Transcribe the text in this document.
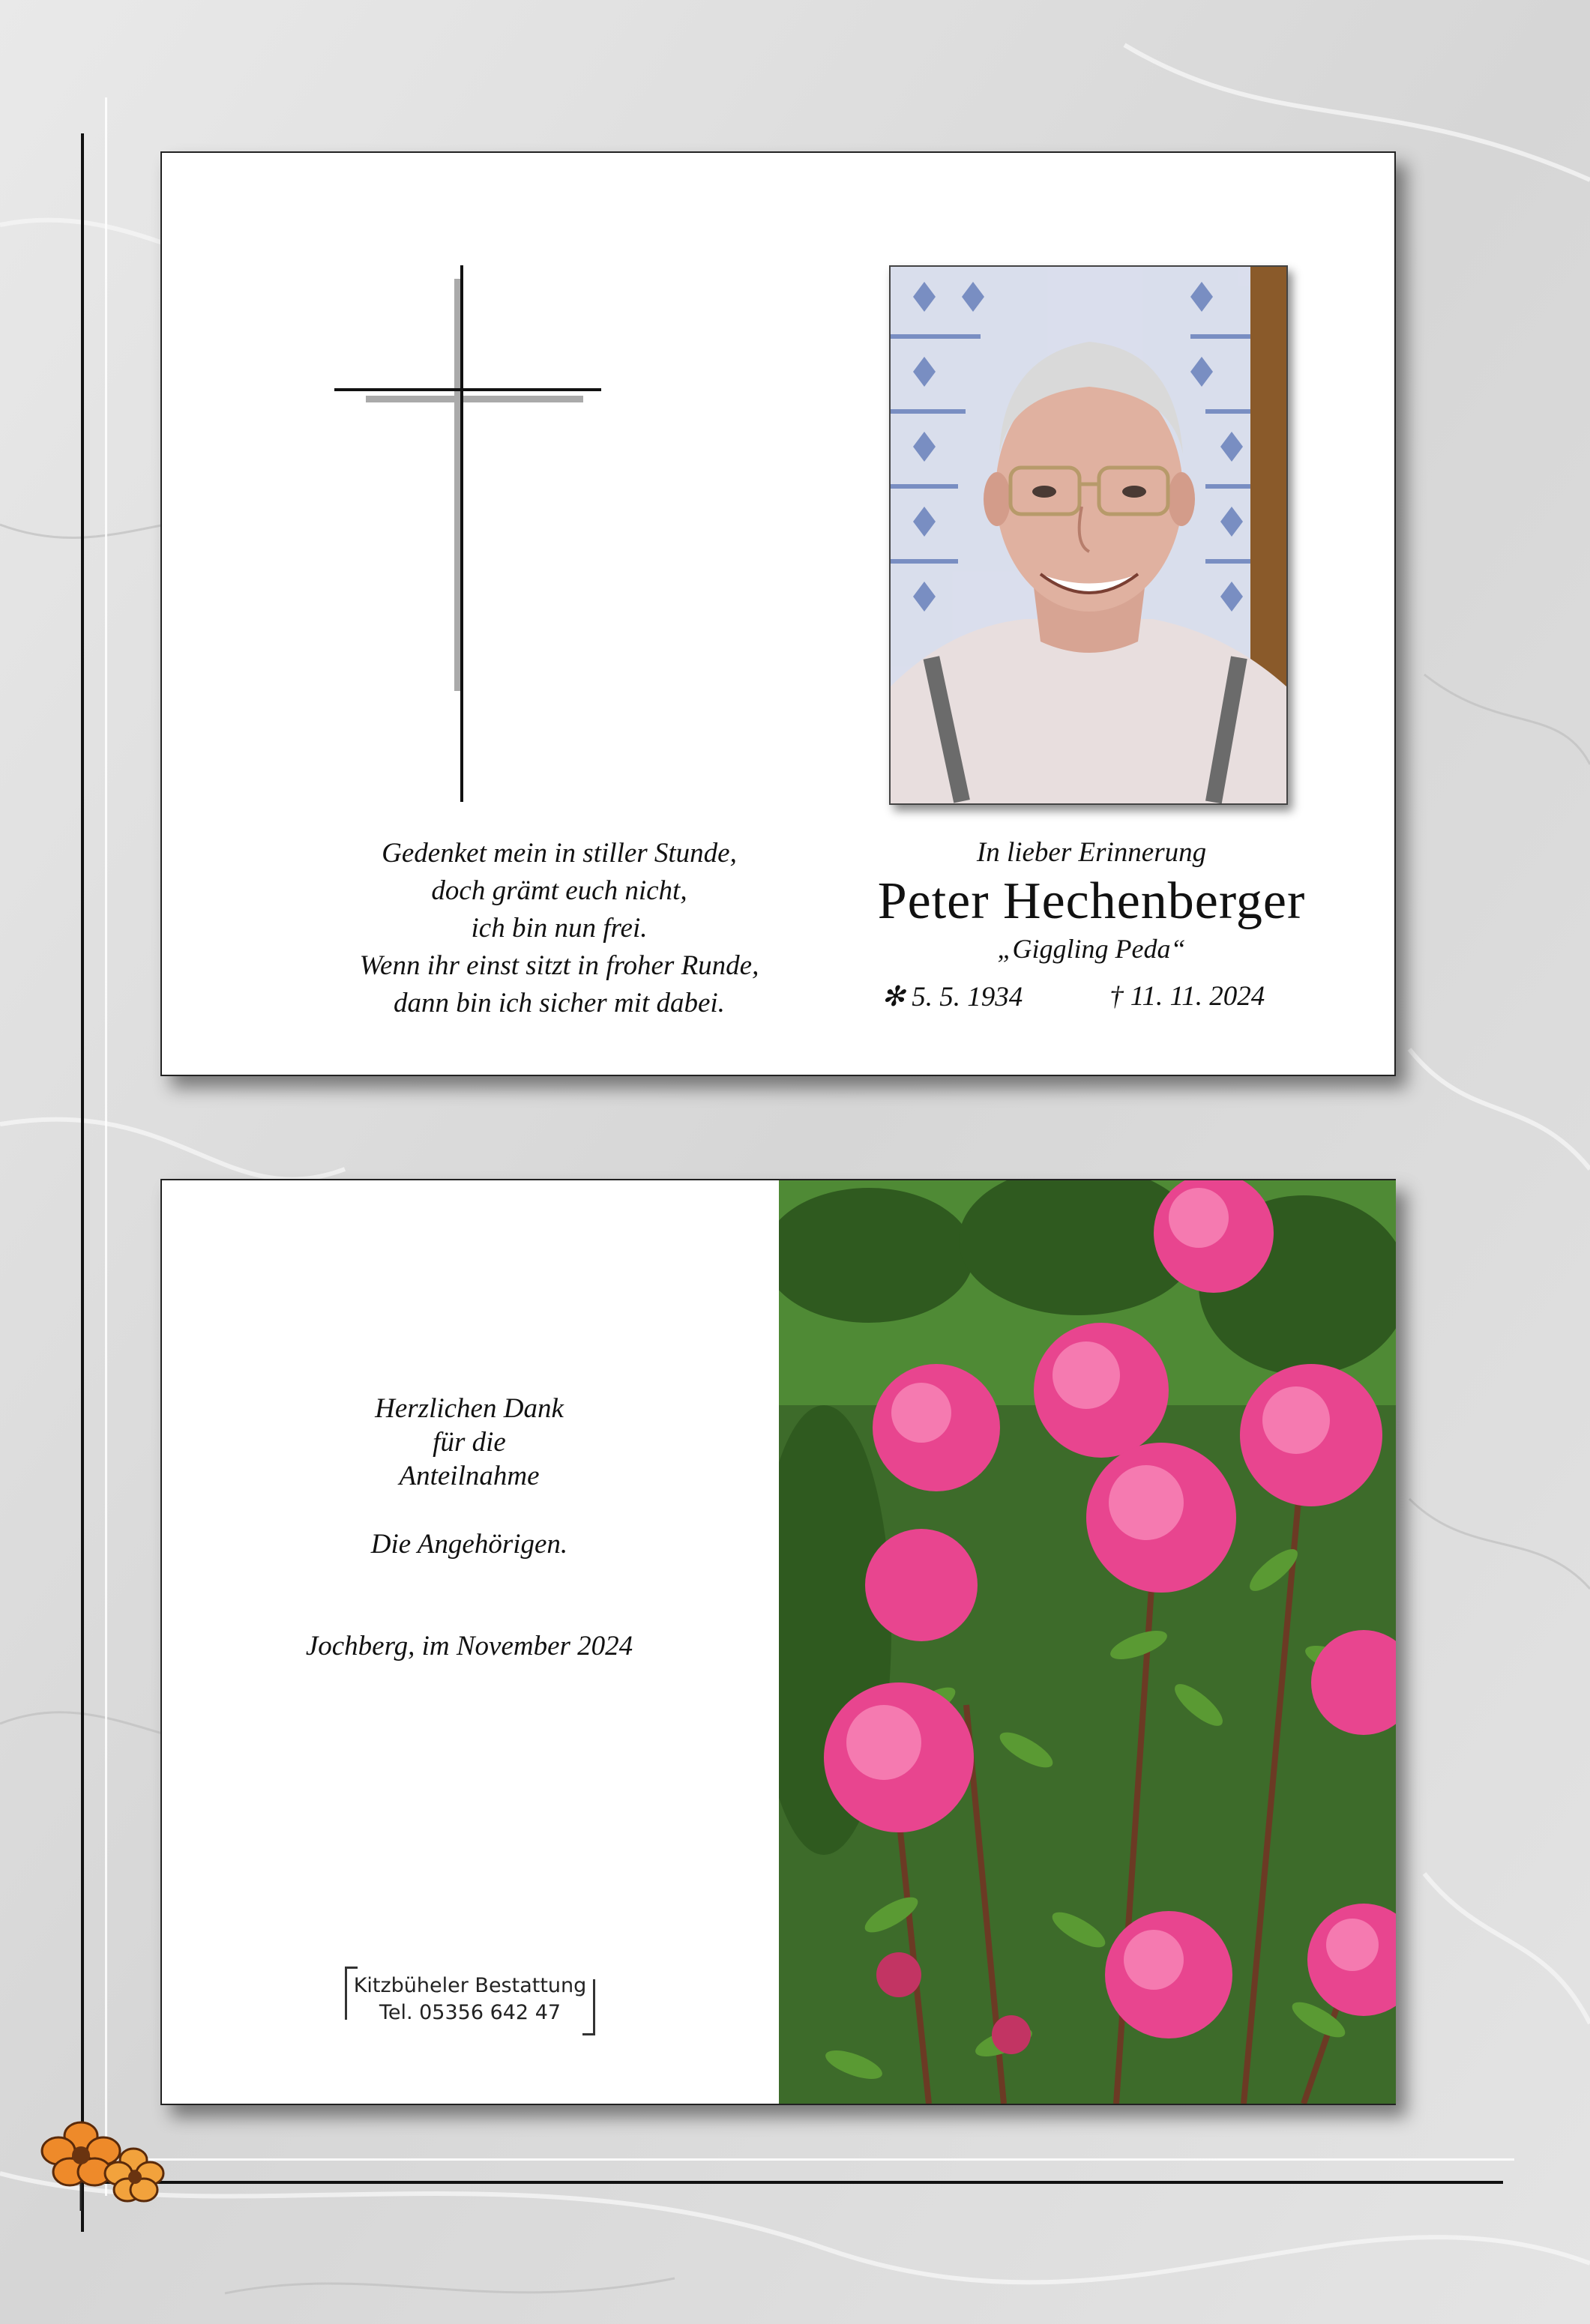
Gedenket mein in stiller Stunde,
doch grämt euch nicht,
ich bin nun frei.
Wenn ihr einst sitzt in froher Runde,
dann bin ich sicher mit dabei.
In lieber Erinnerung
Peter Hechenberger
„Giggling Peda“
✻ 5. 5. 1934	† 11. 11. 2024
Herzlichen Dank
für die
Anteilnahme
Die Angehörigen.
Jochberg, im November 2024
Kitzbüheler Bestattung
Tel. 05356 642 47
